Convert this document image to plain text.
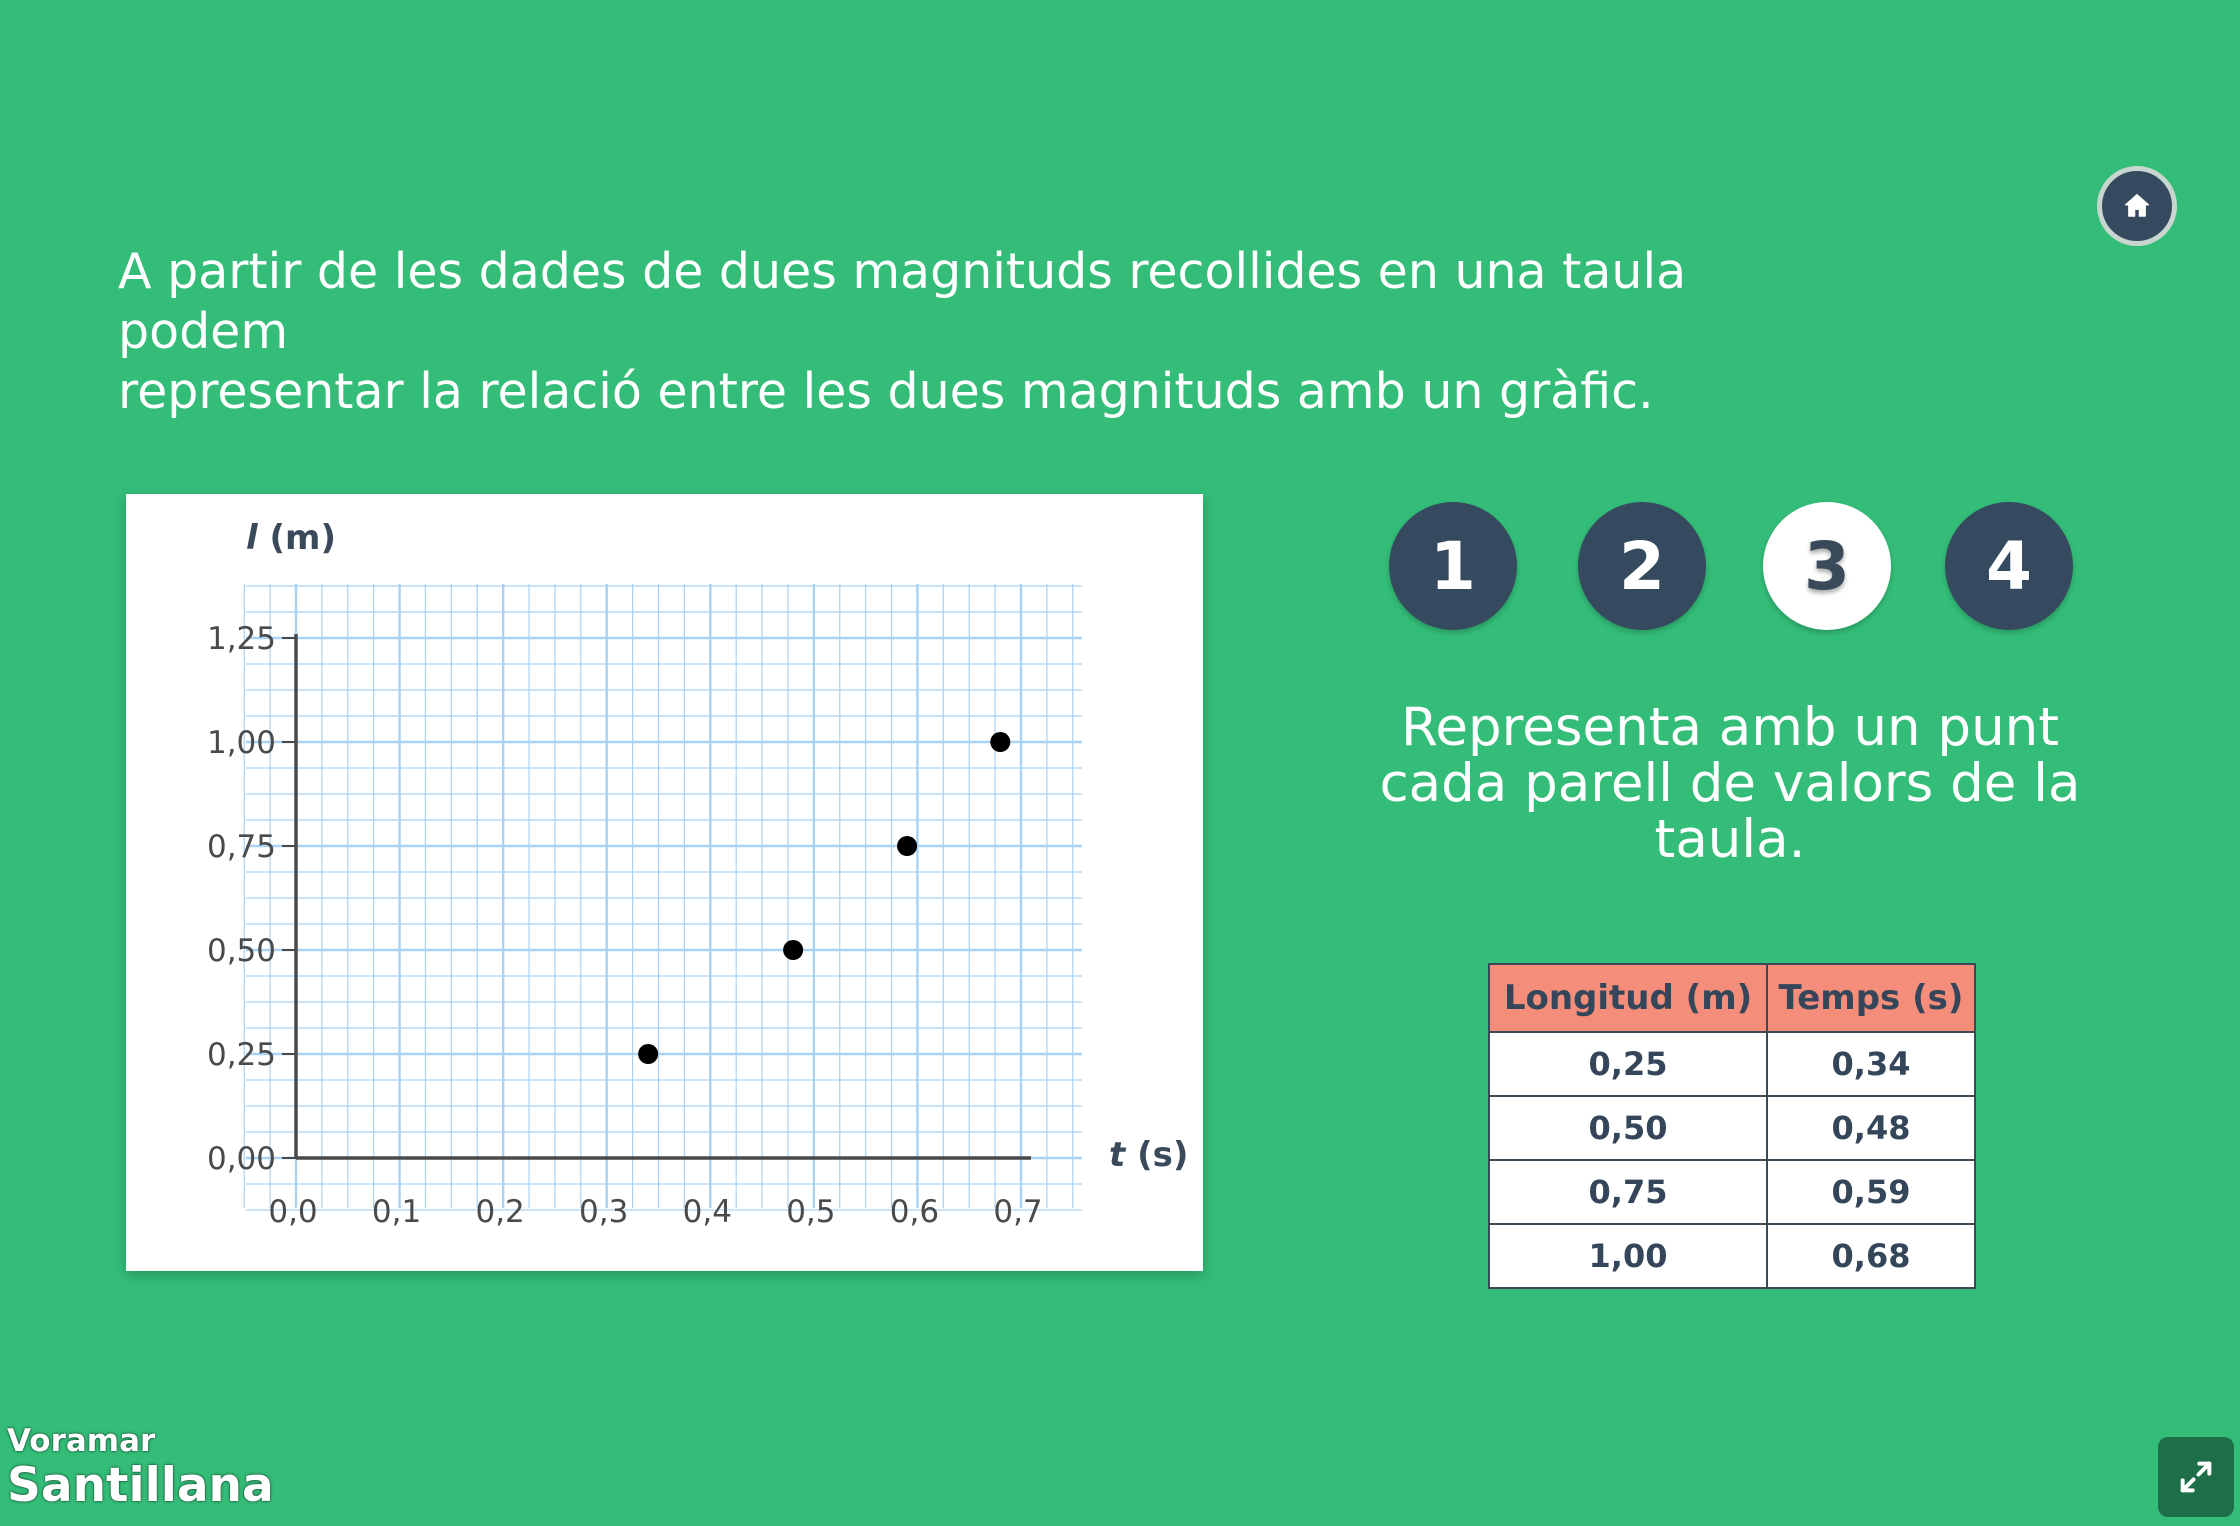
A partir de les dades de dues magnituds recollides en una taula podem
representar la relació entre les dues magnituds amb un gràfic.

0,0 0,1 0,2 0,3 0,4 0,5 0,6 0,7
0,00
0,25
0,50
0,75
1,00
1,25
l (m)
t (s)
1	2	3	4

Representa amb un punt
cada parell de valors de la
taula.

Longitud (m)	Temps (s)
0,25	0,34
0,50	0,48
0,75	0,59
1,00	0,68
Voramar
Santillana
